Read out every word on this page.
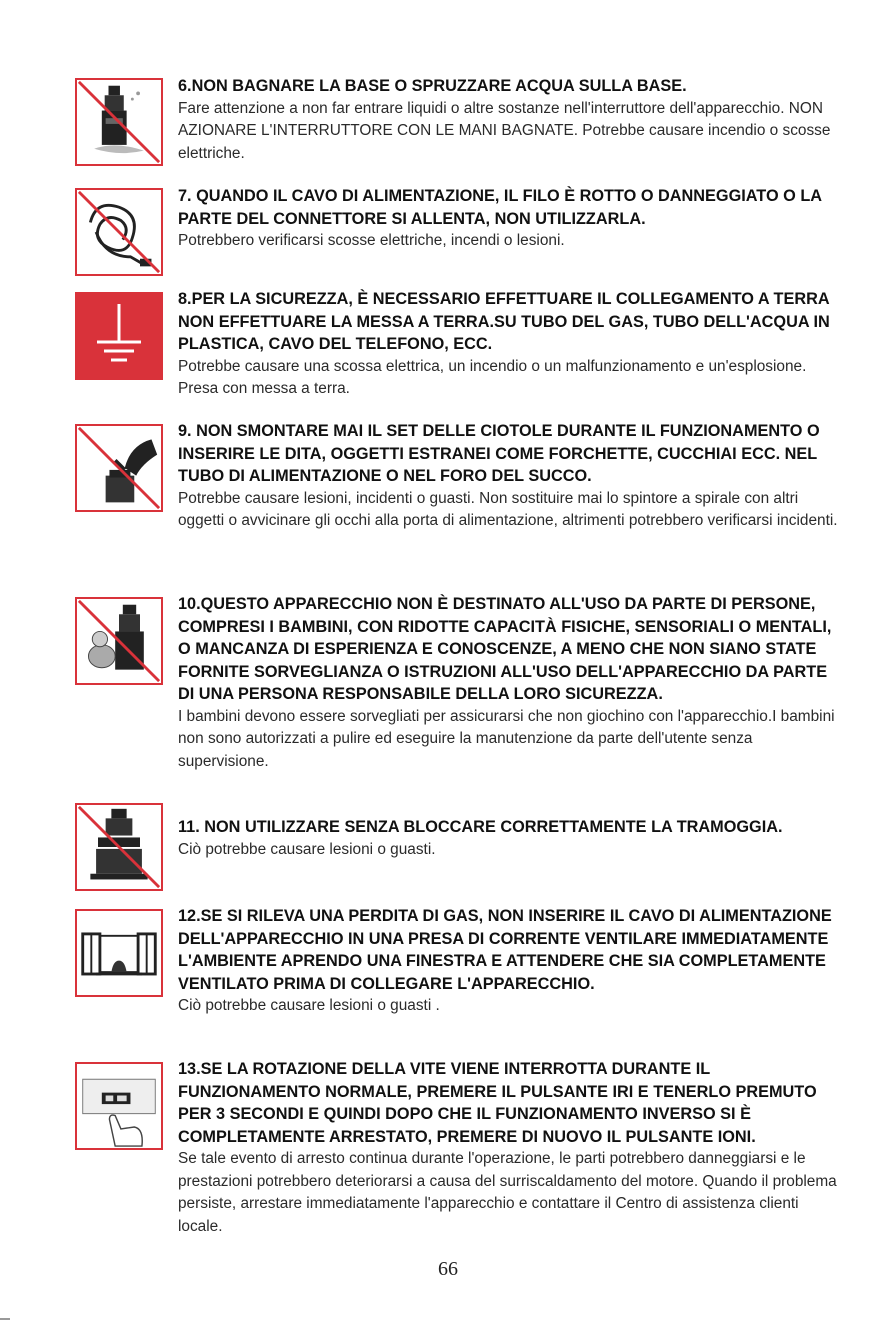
6.NON BAGNARE LA BASE O SPRUZZARE ACQUA SULLA BASE.

Fare attenzione a non far entrare liquidi o altre sostanze nell'interruttore dell'apparecchio. NON AZIONARE L'INTERRUTTORE CON LE MANI BAGNATE. Potrebbe causare incendio o scosse elettriche.

7. QUANDO IL CAVO DI ALIMENTAZIONE, IL FILO È ROTTO O DANNEGGIATO O LA PARTE DEL CONNETTORE SI ALLENTA, NON UTILIZZARLA.

Potrebbero verificarsi scosse elettriche, incendi o lesioni.

8.PER LA SICUREZZA, È NECESSARIO EFFETTUARE IL COLLEGAMENTO A TERRA NON EFFETTUARE LA MESSA A TERRA.SU TUBO DEL GAS, TUBO DELL'ACQUA IN PLASTICA, CAVO DEL TELEFONO, ECC.

Potrebbe causare una scossa elettrica, un incendio o un malfunzionamento e un'esplosione. Presa con messa a terra.

9. NON SMONTARE MAI IL SET DELLE CIOTOLE DURANTE IL FUNZIONAMENTO O INSERIRE LE DITA, OGGETTI ESTRANEI COME FORCHETTE, CUCCHIAI ECC. NEL TUBO DI ALIMENTAZIONE O NEL FORO DEL SUCCO.

Potrebbe causare lesioni, incidenti o guasti. Non sostituire mai lo spintore a spirale con altri oggetti o avvicinare gli occhi alla porta di alimentazione, altrimenti potrebbero verificarsi incidenti.

10.QUESTO APPARECCHIO NON È DESTINATO ALL'USO DA PARTE DI PERSONE, COMPRESI I BAMBINI, CON RIDOTTE CAPACITÀ FISICHE, SENSORIALI O MENTALI, O MANCANZA DI ESPERIENZA E CONOSCENZE, A MENO CHE NON SIANO STATE FORNITE SORVEGLIANZA O ISTRUZIONI ALL'USO DELL'APPARECCHIO DA PARTE DI UNA PERSONA RESPONSABILE DELLA LORO SICUREZZA.

I bambini devono essere sorvegliati per assicurarsi che non giochino con l'apparecchio.I bambini non sono autorizzati a pulire ed eseguire la manutenzione da parte dell'utente senza supervisione.

11. NON UTILIZZARE SENZA BLOCCARE CORRETTAMENTE LA TRAMOGGIA.

Ciò potrebbe causare lesioni o guasti.

12.SE SI RILEVA UNA PERDITA DI GAS, NON INSERIRE IL CAVO DI ALIMENTAZIONE DELL'APPARECCHIO IN UNA PRESA DI CORRENTE VENTILARE IMMEDIATAMENTE L'AMBIENTE APRENDO UNA FINESTRA E ATTENDERE CHE SIA COMPLETAMENTE VENTILATO PRIMA DI COLLEGARE L'APPARECCHIO.

Ciò potrebbe causare lesioni o guasti .

13.SE LA ROTAZIONE DELLA VITE VIENE INTERROTTA DURANTE IL FUNZIONAMENTO NORMALE, PREMERE IL PULSANTE IRI E TENERLO PREMUTO PER 3 SECONDI E QUINDI DOPO CHE IL FUNZIONAMENTO INVERSO SI È COMPLETAMENTE ARRESTATO, PREMERE DI NUOVO IL PULSANTE IONI.

Se tale evento di arresto continua durante l'operazione, le parti potrebbero danneggiarsi e le prestazioni potrebbero deteriorarsi a causa del surriscaldamento del motore. Quando il problema persiste, arrestare immediatamente l'apparecchio e contattare il Centro di assistenza clienti locale.

66
